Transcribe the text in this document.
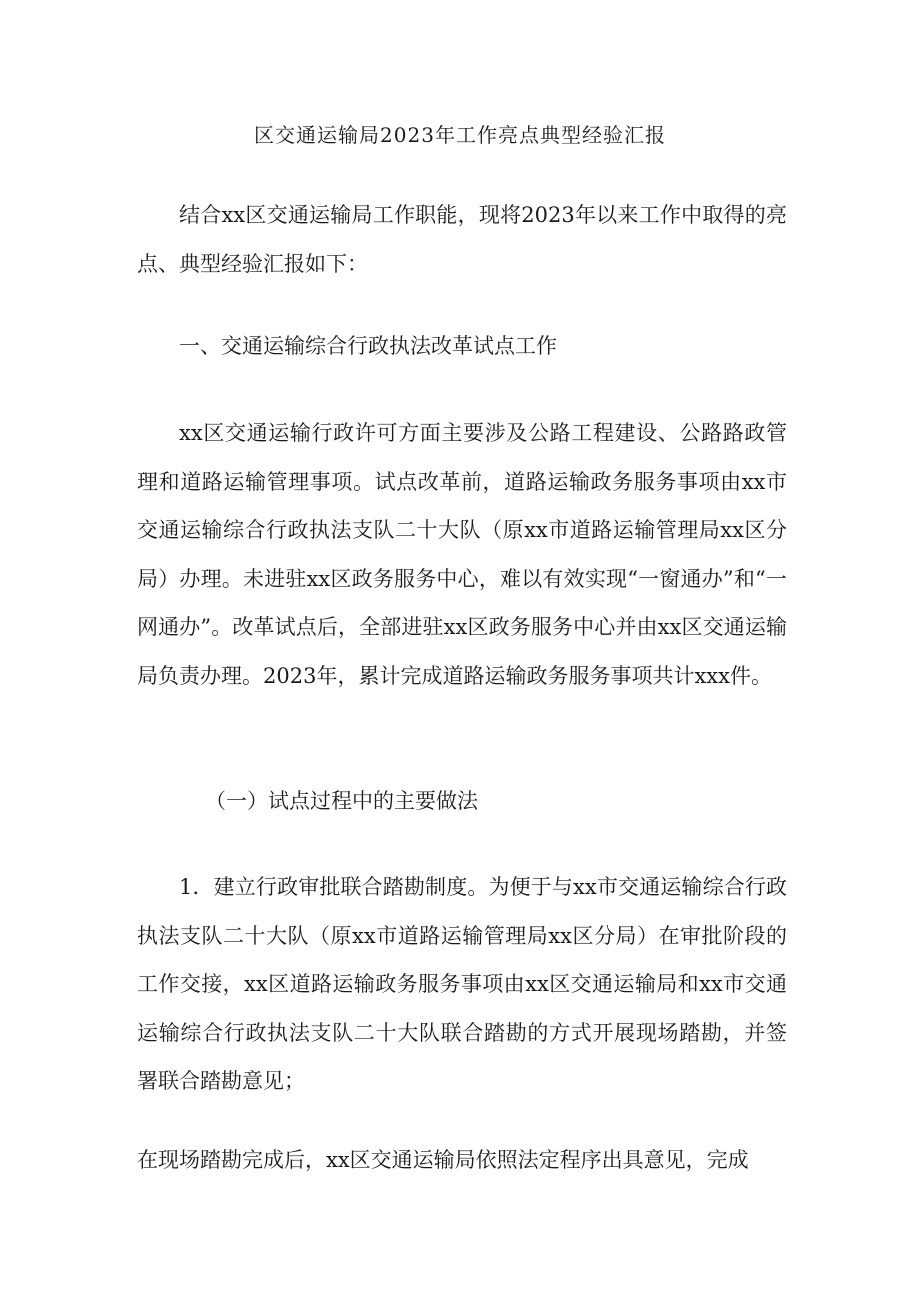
区交通运输局2023年工作亮点典型经验汇报

结合xx区交通运输局工作职能，现将2023年以来工作中取得的亮点、典型经验汇报如下：

一、交通运输综合行政执法改革试点工作

xx区交通运输行政许可方面主要涉及公路工程建设、公路路政管理和道路运输管理事项。试点改革前，道路运输政务服务事项由xx市交通运输综合行政执法支队二十大队（原xx市道路运输管理局xx区分局）办理。未进驻xx区政务服务中心，难以有效实现“一窗通办”和“一网通办”。改革试点后，全部进驻xx区政务服务中心并由xx区交通运输局负责办理。2023年，累计完成道路运输政务服务事项共计xxx件。

（一）试点过程中的主要做法

1．建立行政审批联合踏勘制度。为便于与xx市交通运输综合行政执法支队二十大队（原xx市道路运输管理局xx区分局）在审批阶段的工作交接，xx区道路运输政务服务事项由xx区交通运输局和xx市交通运输综合行政执法支队二十大队联合踏勘的方式开展现场踏勘，并签署联合踏勘意见；

在现场踏勘完成后，xx区交通运输局依照法定程序出具意见，完成
